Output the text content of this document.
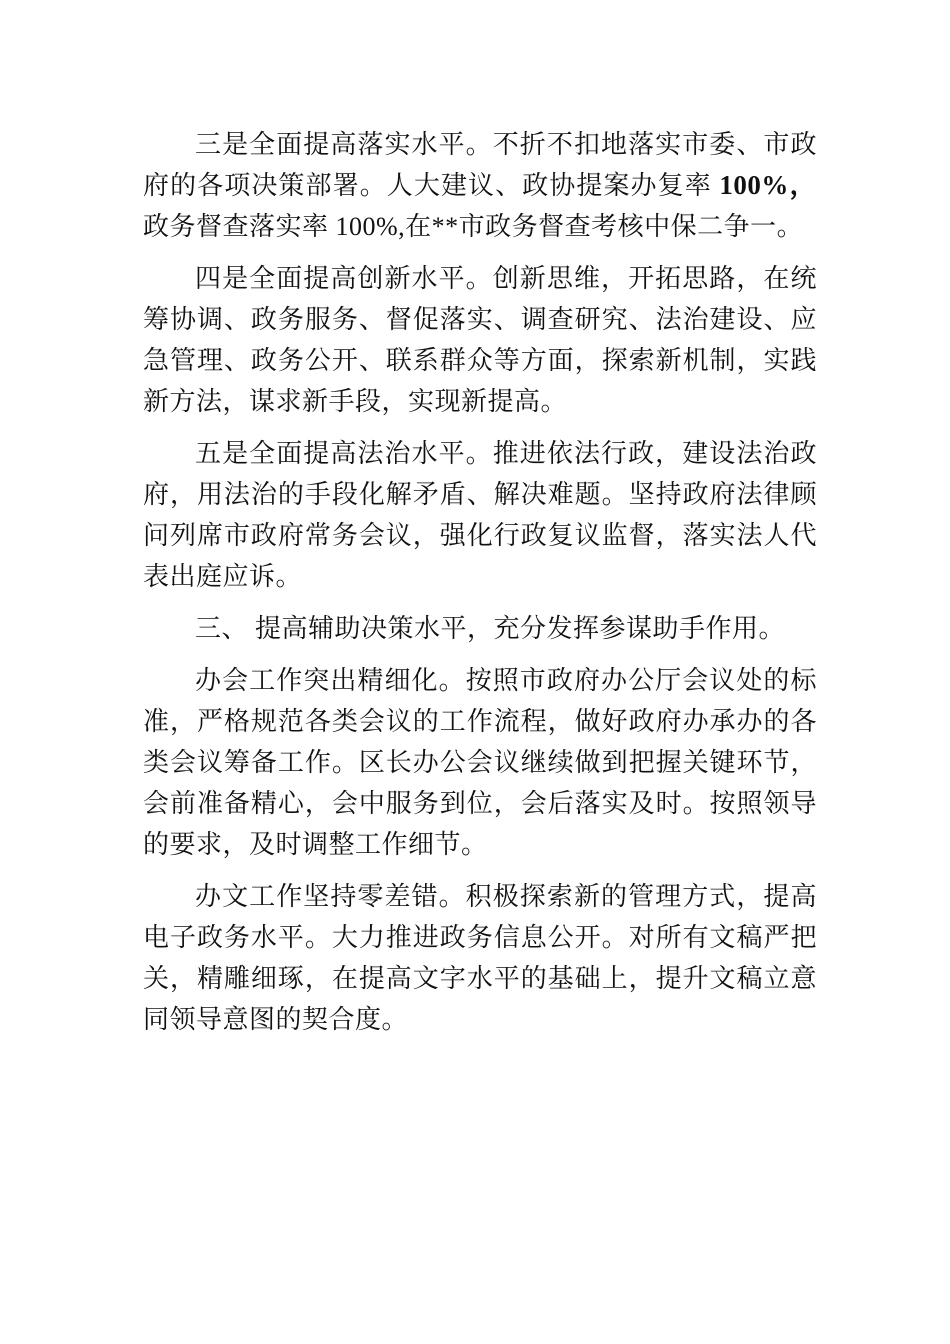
三是全面提高落实水平。不折不扣地落实市委、市政府的各项决策部署。人大建议、政协提案办复率 100%， 政务督查落实率 100%,在**市政务督查考核中保二争一。

四是全面提高创新水平。创新思维，开拓思路，在统筹协调、政务服务、督促落实、调查研究、法治建设、应急管理、政务公开、联系群众等方面，探索新机制，实践新方法，谋求新手段，实现新提高。

五是全面提高法治水平。推进依法行政，建设法治政府，用法治的手段化解矛盾、解决难题。坚持政府法律顾问列席市政府常务会议，强化行政复议监督，落实法人代表出庭应诉。

三、 提高辅助决策水平，充分发挥参谋助手作用。

办会工作突出精细化。按照市政府办公厅会议处的标准，严格规范各类会议的工作流程，做好政府办承办的各类会议筹备工作。区长办公会议继续做到把握关键环节，会前准备精心，会中服务到位，会后落实及时。按照领导的要求，及时调整工作细节。

办文工作坚持零差错。积极探索新的管理方式，提高电子政务水平。大力推进政务信息公开。对所有文稿严把关，精雕细琢，在提高文字水平的基础上，提升文稿立意同领导意图的契合度。
